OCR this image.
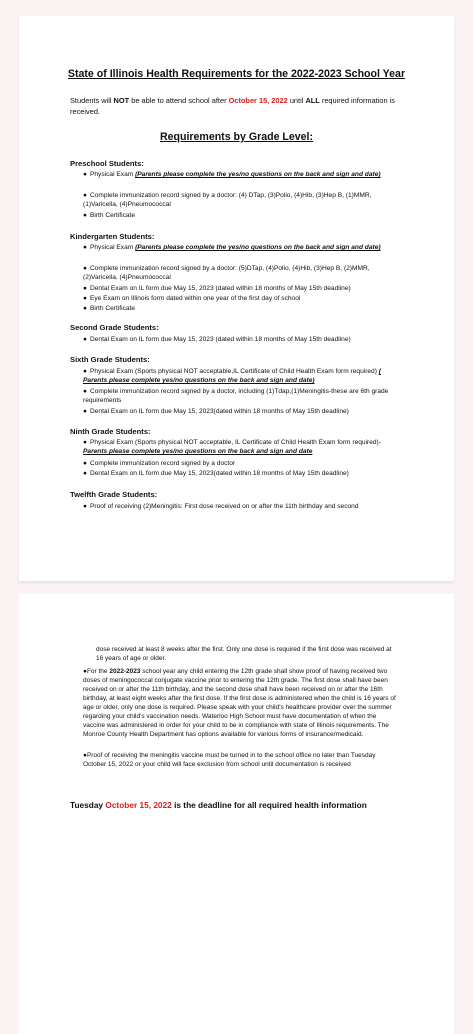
State of Illinois Health Requirements for the 2022-2023 School Year
Students will NOT be able to attend school after October 15, 2022 until ALL required information is received.
Requirements by Grade Level:
Preschool Students:
● Physical Exam (Parents please complete the yes/no questions on the back and sign and date)
● Complete immunization record signed by a doctor: (4) DTap, (3)Polio, (4)Hib, (3)Hep B, (1)MMR, (1)Varicella, (4)Pneumococcal
● Birth Certificate
Kindergarten Students:
● Physical Exam (Parents please complete the yes/no questions on the back and sign and date)
● Complete immunization record signed by a doctor: (5)DTap, (4)Polio, (4)Hib, (3)Hep B, (2)MMR, (2)Varicella, (4)Pneumococcal
● Dental Exam on IL form due May 15, 2023 (dated within 18 months of May 15th deadline)
● Eye Exam on Illinois form dated within one year of the first day of school
● Birth Certificate
Second Grade Students:
● Dental Exam on IL form due May 15, 2023 (dated within 18 months of May 15th deadline)
Sixth Grade Students:
● Physical Exam (Sports physical NOT acceptable,IL Certificate of Child Health Exam form required) ( Parents please complete yes/no questions on the back and sign and date)
● Complete immunization record signed by a doctor, including (1)Tdap,(1)Meningitis-these are 6th grade requirements
● Dental Exam on IL form due May 15, 2023(dated within 18 months of May 15th deadline)
Ninth Grade Students:
● Physical Exam (Sports physical NOT acceptable, IL Certificate of Child Health Exam form required)-Parents please complete yes/no questions on the back and sign and date
● Complete immunization record signed by a doctor
● Dental Exam on IL form due May 15, 2023(dated within 18 months of May 15th deadline)
Twelfth Grade Students:
● Proof of receiving (2)Meningitis: First dose received on or after the 11th birthday and second
dose received at least 8 weeks after the first. Only one dose is required if the first dose was received at 16 years of age or older.
●For the 2022-2023 school year any child entering the 12th grade shall show proof of having received two doses of meningococcal conjugate vaccine prior to entering the 12th grade. The first dose shall have been received on or after the 11th birthday, and the second dose shall have been received on or after the 16th birthday, at least eight weeks after the first dose. If the first dose is administered when the child is 16 years of age or older, only one dose is required. Please speak with your child's healthcare provider over the summer regarding your child's vaccination needs. Waterloo High School must have documentation of when the vaccine was administered in order for your child to be in compliance with state of Illinois requirements. The Monroe County Health Department has options available for various forms of insurance/medicaid.
●Proof of receiving the meningitis vaccine must be turned in to the school office no later than Tuesday October 15, 2022 or your child will face exclusion from school until documentation is received
Tuesday October 15, 2022 is the deadline for all required health information
